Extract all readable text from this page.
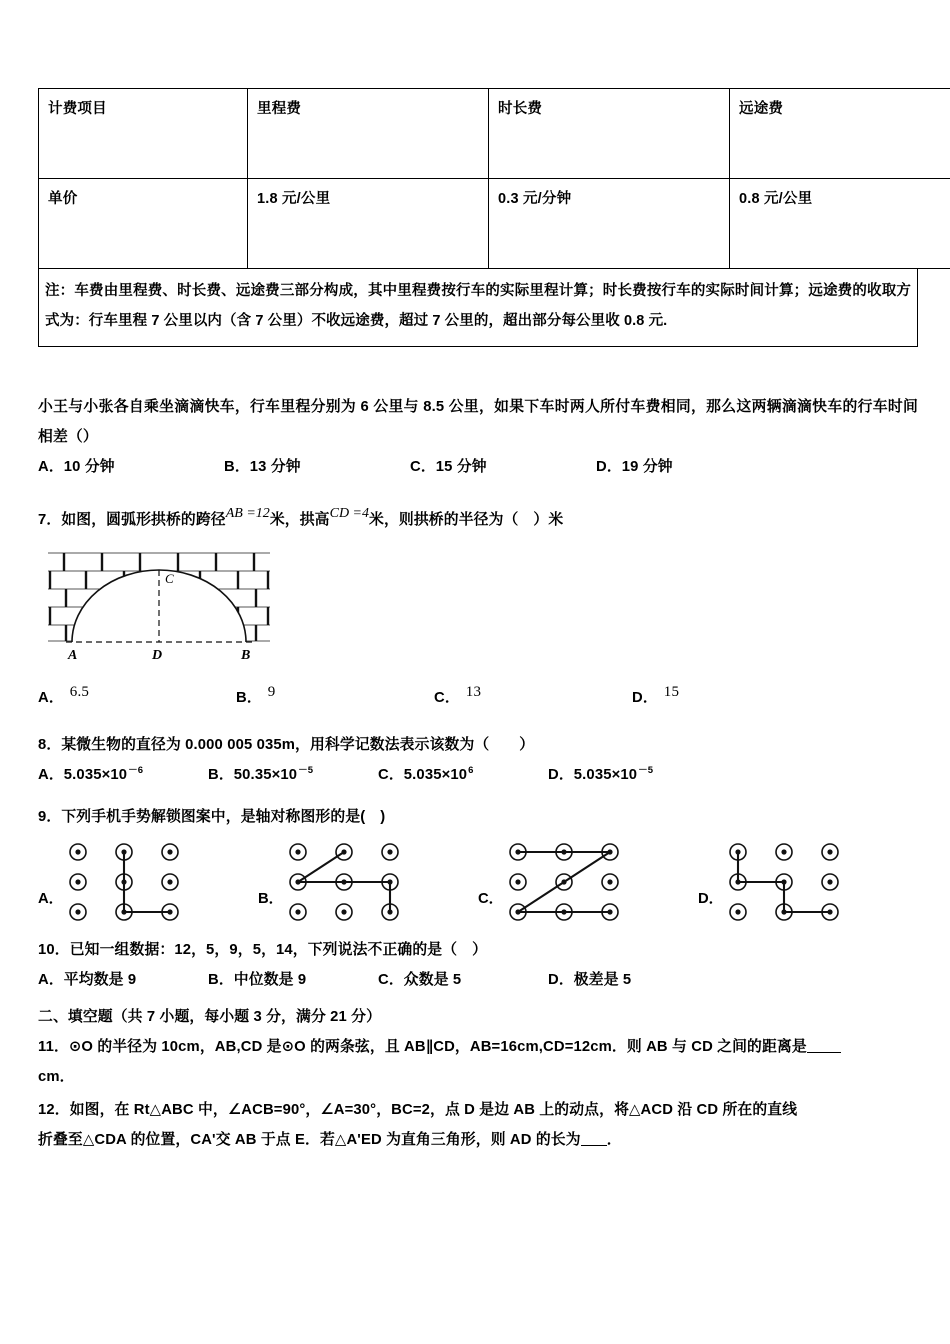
计费项目	里程费	时长费	远途费
单价	1.8 元/公里	0.3 元/分钟	0.8 元/公里
注：车费由里程费、时长费、远途费三部分构成，其中里程费按行车的实际里程计算；时长费按行车的实际时间计算；远途费的收取方式为：行车里程 7 公里以内（含 7 公里）不收远途费，超过 7 公里的，超出部分每公里收 0.8 元.
小王与小张各自乘坐滴滴快车，行车里程分别为 6 公里与 8.5 公里，如果下车时两人所付车费相同，那么这两辆滴滴快车的行车时间相差（）
A．10 分钟	B．13 分钟	C．15 分钟	D．19 分钟
7．如图，圆弧形拱桥的跨径AB =12米，拱高CD =4米，则拱桥的半径为（　）米
A	D	B
C
A． 6.5	B． 9	C． 13	D． 15
8．某微生物的直径为 0.000 005 035m，用科学记数法表示该数为（　　）
A．$5.035\times 10^{-6}$	B．$50.35\times 10^{-5}$	C．$5.035\times 10^6$	D．$5.035\times 10^{-5}$
9．下列手机手势解锁图案中，是轴对称图形的是(　)
A．	B．	C．	D．
10．已知一组数据：12，5，9，5，14，下列说法不正确的是（　）
A．平均数是 9	B．中位数是 9	C．众数是 5	D．极差是 5
二、填空题（共 7 小题，每小题 3 分，满分 21 分）
11．⊙O 的半径为 10cm，AB,CD 是⊙O 的两条弦，且 AB∥CD，AB=16cm,CD=12cm．则 AB 与 CD 之间的距离是
cm．
12．如图，在 Rt△ABC 中，∠ACB=90°，∠A=30°，BC=2，点 D 是边 AB 上的动点，将△ACD 沿 CD 所在的直线
折叠至△CDA 的位置，CA'交 AB 于点 E．若△A'ED 为直角三角形，则 AD 的长为 ．
